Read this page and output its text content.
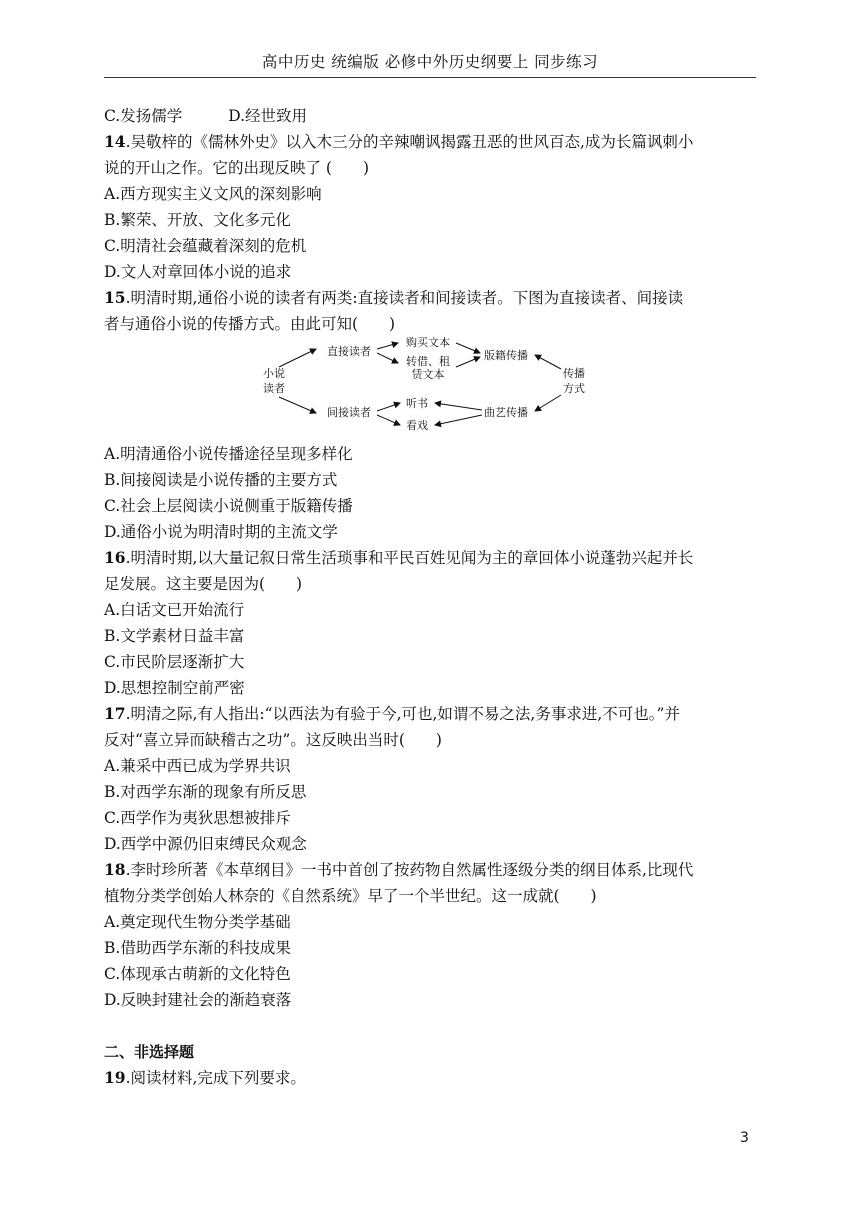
高中历史 统编版 必修中外历史纲要上 同步练习
C.发扬儒学	D.经世致用
14.吴敬梓的《儒林外史》以入木三分的辛辣嘲讽揭露丑恶的世风百态,成为长篇讽刺小
说的开山之作。它的出现反映了 (　　)
A.西方现实主义文风的深刻影响
B.繁荣、开放、文化多元化
C.明清社会蕴藏着深刻的危机
D.文人对章回体小说的追求
15.明清时期,通俗小说的读者有两类:直接读者和间接读者。下图为直接读者、间接读
者与通俗小说的传播方式。由此可知(　　)
小说
读者
直接读者
间接读者
购买文本
转借、租
赁文本
听书
看戏
版籍传播
曲艺传播
传播
方式
A.明清通俗小说传播途径呈现多样化
B.间接阅读是小说传播的主要方式
C.社会上层阅读小说侧重于版籍传播
D.通俗小说为明清时期的主流文学
16.明清时期,以大量记叙日常生活琐事和平民百姓见闻为主的章回体小说蓬勃兴起并长
足发展。这主要是因为(　　)
A.白话文已开始流行
B.文学素材日益丰富
C.市民阶层逐渐扩大
D.思想控制空前严密
17.明清之际,有人指出:“以西法为有验于今,可也,如谓不易之法,务事求进,不可也。”并
反对“喜立异而缺稽古之功”。这反映出当时(　　)
A.兼采中西已成为学界共识
B.对西学东渐的现象有所反思
C.西学作为夷狄思想被排斥
D.西学中源仍旧束缚民众观念
18.李时珍所著《本草纲目》一书中首创了按药物自然属性逐级分类的纲目体系,比现代
植物分类学创始人林奈的《自然系统》早了一个半世纪。这一成就(　　)
A.奠定现代生物分类学基础
B.借助西学东渐的科技成果
C.体现承古萌新的文化特色
D.反映封建社会的渐趋衰落
二、非选择题
19.阅读材料,完成下列要求。
3
